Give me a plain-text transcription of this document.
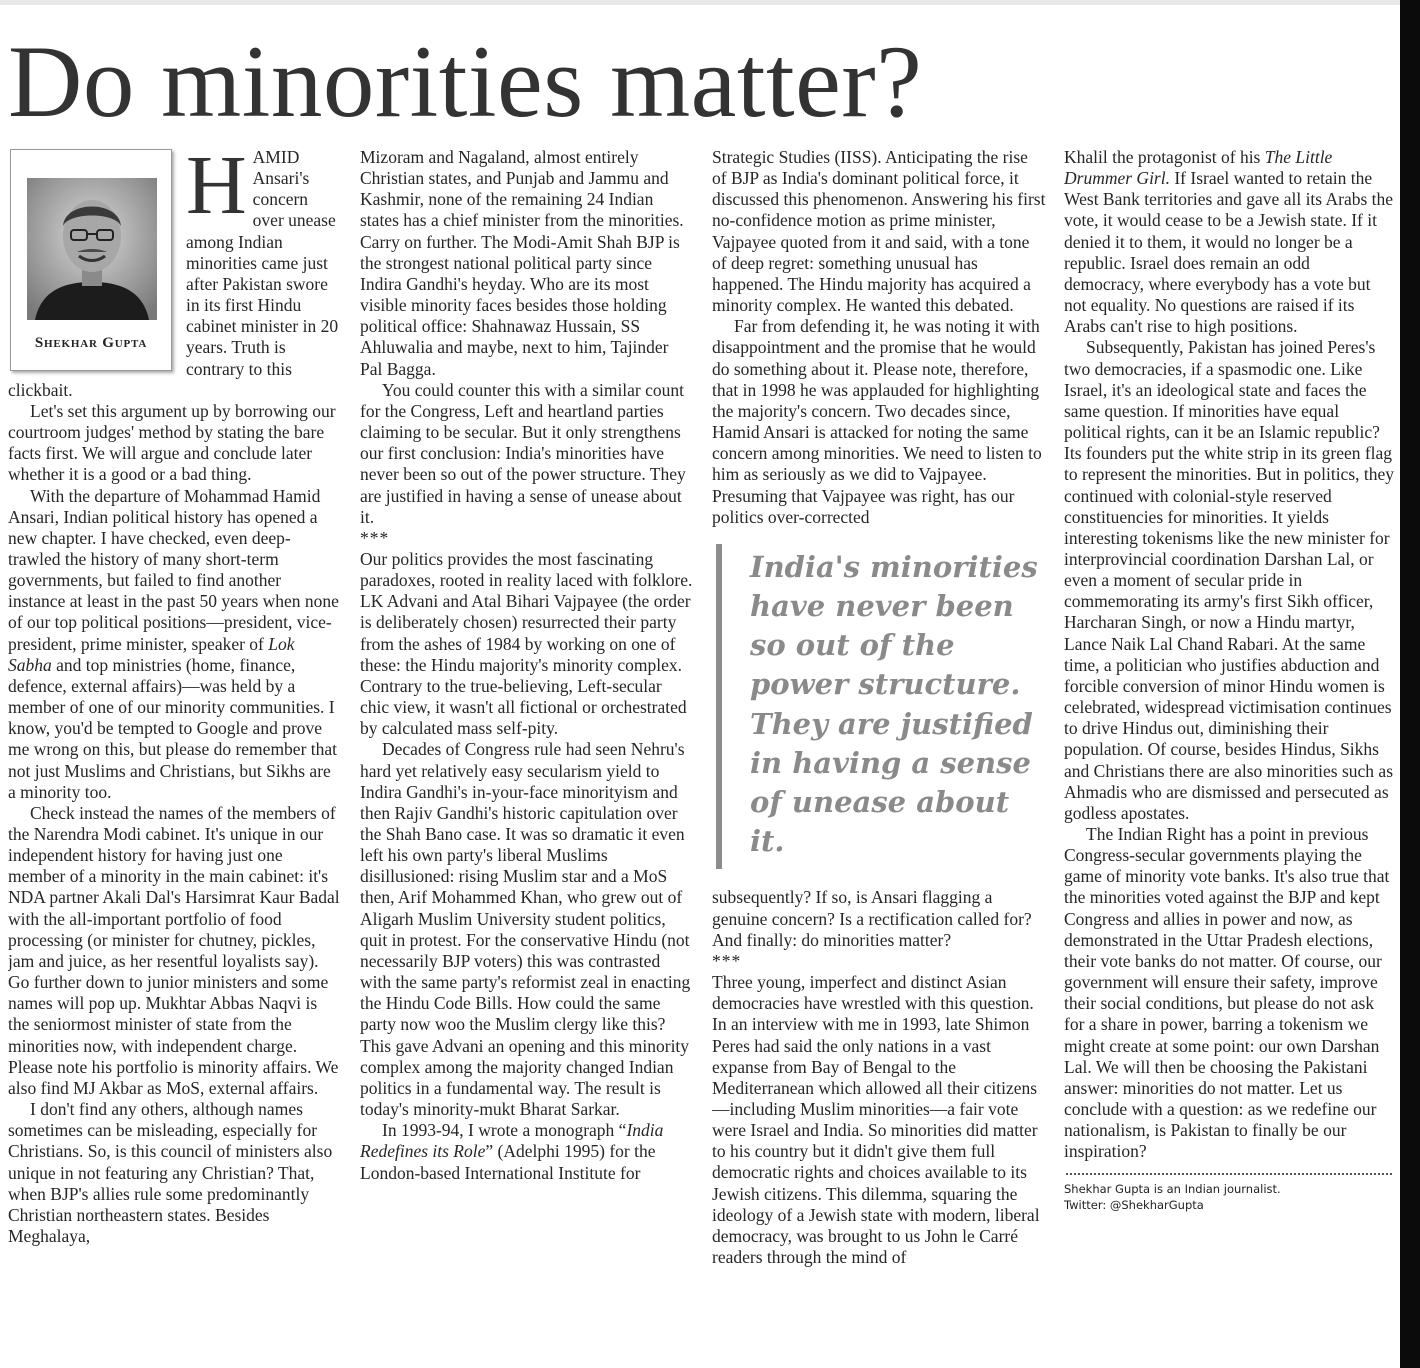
Do minorities matter?
Shekhar Gupta
H AMID Ansari's concern over unease among Indian minorities came just after Pakistan swore in its first Hindu cabinet minister in 20 years. Truth is contrary to this clickbait.

Let's set this argument up by borrowing our courtroom judges' method by stating the bare facts first. We will argue and conclude later whether it is a good or a bad thing.

With the departure of Mohammad Hamid Ansari, Indian political history has opened a new chapter. I have checked, even deep-trawled the history of many short-term governments, but failed to find another instance at least in the past 50 years when none of our top political positions—president, vice-president, prime minister, speaker of Lok Sabha and top ministries (home, finance, defence, external affairs)—was held by a member of one of our minority communities. I know, you'd be tempted to Google and prove me wrong on this, but please do remember that not just Muslims and Christians, but Sikhs are a minority too.

Check instead the names of the members of the Narendra Modi cabinet. It's unique in our independent history for having just one member of a minority in the main cabinet: it's NDA partner Akali Dal's Harsimrat Kaur Badal with the all-important portfolio of food processing (or minister for chutney, pickles, jam and juice, as her resentful loyalists say). Go further down to junior ministers and some names will pop up. Mukhtar Abbas Naqvi is the seniormost minister of state from the minorities now, with independent charge. Please note his portfolio is minority affairs. We also find MJ Akbar as MoS, external affairs.

I don't find any others, although names sometimes can be misleading, especially for Christians. So, is this council of ministers also unique in not featuring any Christian? That, when BJP's allies rule some predominantly Christian northeastern states. Besides Meghalaya,

Mizoram and Nagaland, almost entirely Christian states, and Punjab and Jammu and Kashmir, none of the remaining 24 Indian states has a chief minister from the minorities. Carry on further. The Modi-Amit Shah BJP is the strongest national political party since Indira Gandhi's heyday. Who are its most visible minority faces besides those holding political office: Shahnawaz Hussain, SS Ahluwalia and maybe, next to him, Tajinder Pal Bagga.

You could counter this with a similar count for the Congress, Left and heartland parties claiming to be secular. But it only strengthens our first conclusion: India's minorities have never been so out of the power structure. They are justified in having a sense of unease about it.

***

Our politics provides the most fascinating paradoxes, rooted in reality laced with folklore. LK Advani and Atal Bihari Vajpayee (the order is deliberately chosen) resurrected their party from the ashes of 1984 by working on one of these: the Hindu majority's minority complex. Contrary to the true-believing, Left-secular chic view, it wasn't all fictional or orchestrated by calculated mass self-pity.

Decades of Congress rule had seen Nehru's hard yet relatively easy secularism yield to Indira Gandhi's in-your-face minorityism and then Rajiv Gandhi's historic capitulation over the Shah Bano case. It was so dramatic it even left his own party's liberal Muslims disillusioned: rising Muslim star and a MoS then, Arif Mohammed Khan, who grew out of Aligarh Muslim University student politics, quit in protest. For the conservative Hindu (not necessarily BJP voters) this was contrasted with the same party's reformist zeal in enacting the Hindu Code Bills. How could the same party now woo the Muslim clergy like this? This gave Advani an opening and this minority complex among the majority changed Indian politics in a fundamental way. The result is today's minority-mukt Bharat Sarkar.

In 1993-94, I wrote a monograph “India Redefines its Role” (Adelphi 1995) for the London-based International Institute for

Strategic Studies (IISS). Anticipating the rise of BJP as India's dominant political force, it discussed this phenomenon. Answering his first no-confidence motion as prime minister, Vajpayee quoted from it and said, with a tone of deep regret: something unusual has happened. The Hindu majority has acquired a minority complex. He wanted this debated.

Far from defending it, he was noting it with disappointment and the promise that he would do something about it. Please note, therefore, that in 1998 he was applauded for highlighting the majority's concern. Two decades since, Hamid Ansari is attacked for noting the same concern among minorities. We need to listen to him as seriously as we did to Vajpayee. Presuming that Vajpayee was right, has our politics over-corrected

India's minorities have never been so out of the power structure. They are justified in having a sense of unease about it.

subsequently? If so, is Ansari flagging a genuine concern? Is a rectification called for? And finally: do minorities matter?

***

Three young, imperfect and distinct Asian democracies have wrestled with this question. In an interview with me in 1993, late Shimon Peres had said the only nations in a vast expanse from Bay of Bengal to the Mediterranean which allowed all their citizens—including Muslim minorities—a fair vote were Israel and India. So minorities did matter to his country but it didn't give them full democratic rights and choices available to its Jewish citizens. This dilemma, squaring the ideology of a Jewish state with modern, liberal democracy, was brought to us John le Carré readers through the mind of

Khalil the protagonist of his The Little Drummer Girl. If Israel wanted to retain the West Bank territories and gave all its Arabs the vote, it would cease to be a Jewish state. If it denied it to them, it would no longer be a republic. Israel does remain an odd democracy, where everybody has a vote but not equality. No questions are raised if its Arabs can't rise to high positions.

Subsequently, Pakistan has joined Peres's two democracies, if a spasmodic one. Like Israel, it's an ideological state and faces the same question. If minorities have equal political rights, can it be an Islamic republic? Its founders put the white strip in its green flag to represent the minorities. But in politics, they continued with colonial-style reserved constituencies for minorities. It yields interesting tokenisms like the new minister for interprovincial coordination Darshan Lal, or even a moment of secular pride in commemorating its army's first Sikh officer, Harcharan Singh, or now a Hindu martyr, Lance Naik Lal Chand Rabari. At the same time, a politician who justifies abduction and forcible conversion of minor Hindu women is celebrated, widespread victimisation continues to drive Hindus out, diminishing their population. Of course, besides Hindus, Sikhs and Christians there are also minorities such as Ahmadis who are dismissed and persecuted as godless apostates.

The Indian Right has a point in previous Congress-secular governments playing the game of minority vote banks. It's also true that the minorities voted against the BJP and kept Congress and allies in power and now, as demonstrated in the Uttar Pradesh elections, their vote banks do not matter. Of course, our government will ensure their safety, improve their social conditions, but please do not ask for a share in power, barring a tokenism we might create at some point: our own Darshan Lal. We will then be choosing the Pakistani answer: minorities do not matter. Let us conclude with a question: as we redefine our nationalism, is Pakistan to finally be our inspiration?

Shekhar Gupta is an Indian journalist.
Twitter: @ShekharGupta
